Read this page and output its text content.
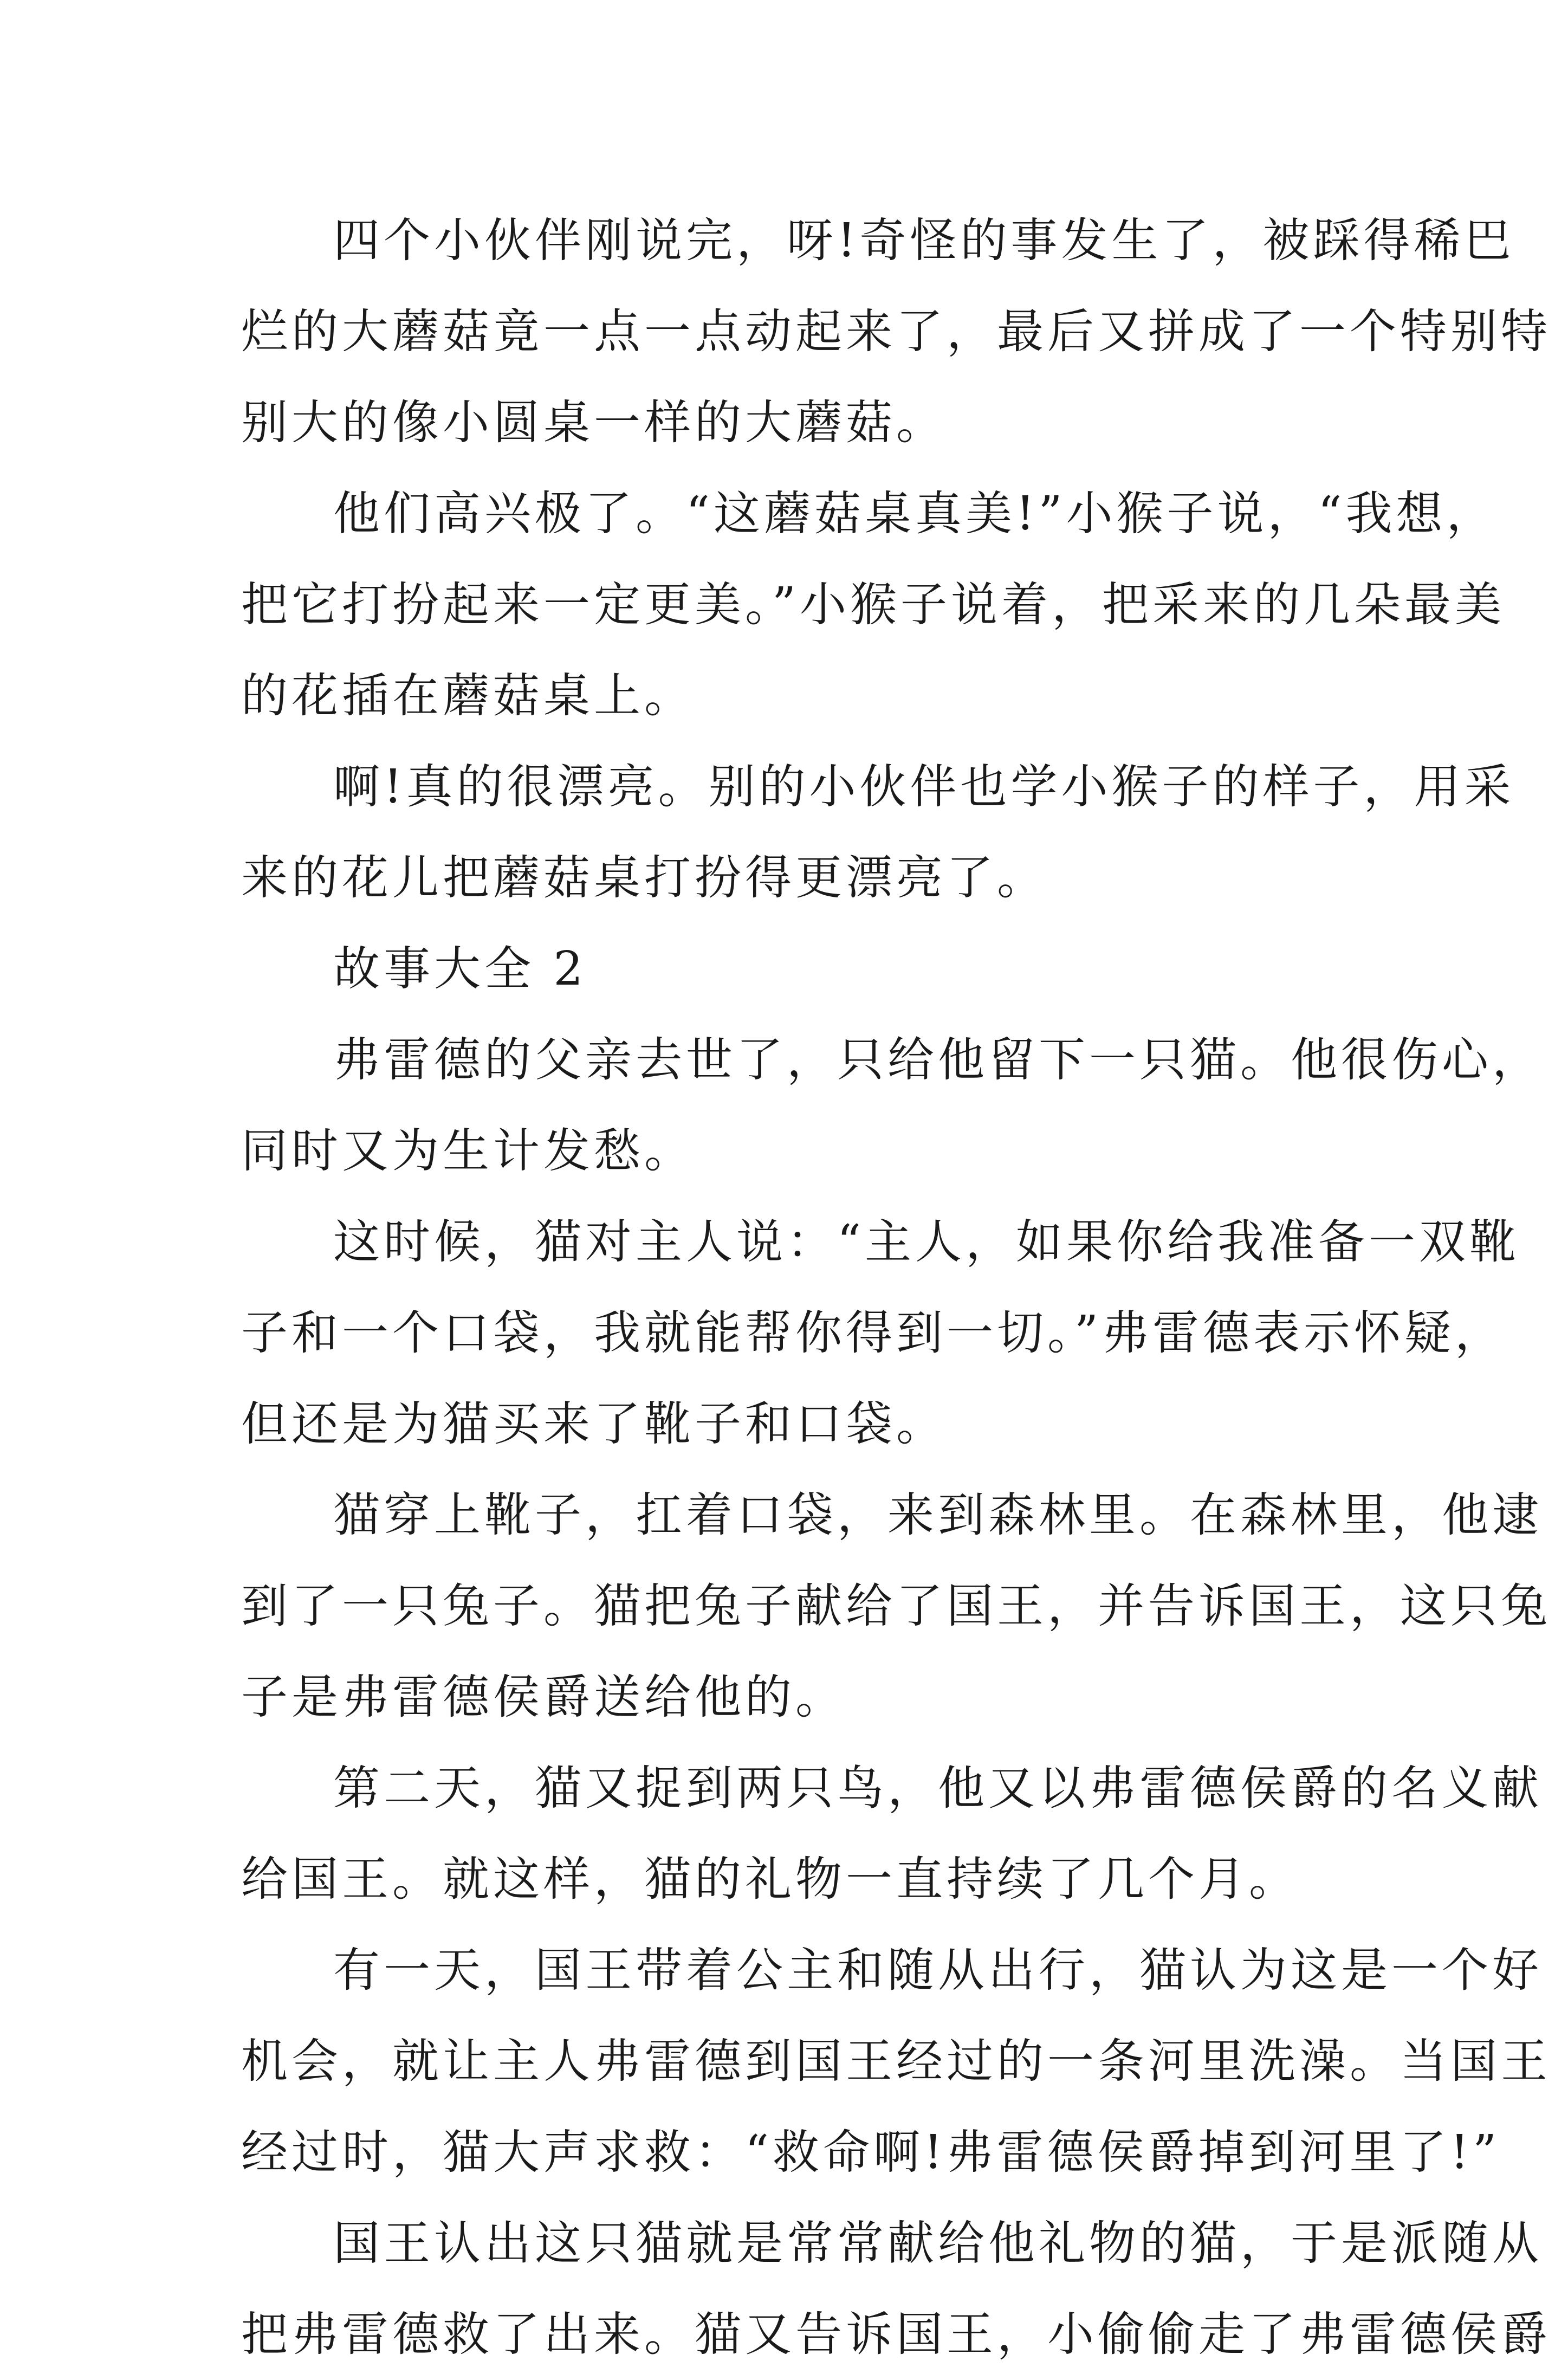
四个小伙伴刚说完，呀!奇怪的事发生了，被踩得稀巴
烂的大蘑菇竟一点一点动起来了，最后又拼成了一个特别特
别大的像小圆桌一样的大蘑菇。
他们高兴极了。“这蘑菇桌真美!”小猴子说，“我想，
把它打扮起来一定更美。”小猴子说着，把采来的几朵最美
的花插在蘑菇桌上。
啊!真的很漂亮。别的小伙伴也学小猴子的样子，用采
来的花儿把蘑菇桌打扮得更漂亮了。
故事大全 2
弗雷德的父亲去世了，只给他留下一只猫。他很伤心，
同时又为生计发愁。
这时候，猫对主人说：“主人，如果你给我准备一双靴
子和一个口袋，我就能帮你得到一切。”弗雷德表示怀疑，
但还是为猫买来了靴子和口袋。
猫穿上靴子，扛着口袋，来到森林里。在森林里，他逮
到了一只兔子。猫把兔子献给了国王，并告诉国王，这只兔
子是弗雷德侯爵送给他的。
第二天，猫又捉到两只鸟，他又以弗雷德侯爵的名义献
给国王。就这样，猫的礼物一直持续了几个月。
有一天，国王带着公主和随从出行，猫认为这是一个好
机会，就让主人弗雷德到国王经过的一条河里洗澡。当国王
经过时，猫大声求救：“救命啊!弗雷德侯爵掉到河里了!”
国王认出这只猫就是常常献给他礼物的猫，于是派随从
把弗雷德救了出来。猫又告诉国王，小偷偷走了弗雷德侯爵
